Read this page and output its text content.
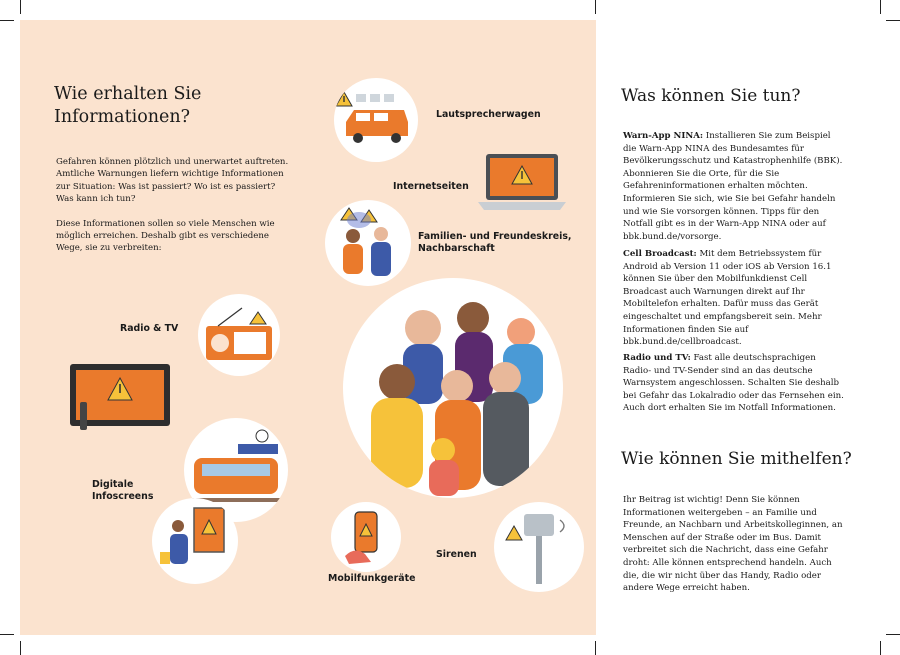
Wie erhalten Sie
Informationen?

Gefahren können plötzlich und unerwartet auftreten. Amtliche Warnungen liefern wichtige Informationen zur Situation: Was ist passiert? Wo ist es passiert? Was kann ich tun?

Diese Informationen sollen so viele Menschen wie möglich erreichen. Deshalb gibt es verschiedene Wege, sie zu verbreiten:

Lautsprecherwagen
Internetseiten
Familien- und Freundeskreis,
Nachbarschaft
Radio & TV
Digitale
Infoscreens
Mobilfunkgeräte
Sirenen
Was können Sie tun?

Warn-App NINA: Installieren Sie zum Beispiel die Warn-App NINA des Bundesamtes für Bevölkerungsschutz und Katastrophenhilfe (BBK). Abonnieren Sie die Orte, für die Sie Gefahreninformationen erhalten möchten. Informieren Sie sich, wie Sie bei Gefahr handeln und wie Sie vorsorgen können. Tipps für den Notfall gibt es in der Warn-App NINA oder auf bbk.bund.de/vorsorge.

Cell Broadcast: Mit dem Betriebssystem für Android ab Version 11 oder iOS ab Version 16.1 können Sie über den Mobilfunkdienst Cell Broadcast auch Warnungen direkt auf Ihr Mobiltelefon erhalten. Dafür muss das Gerät eingeschaltet und empfangsbereit sein. Mehr Informationen finden Sie auf bbk.bund.de/cellbroadcast.

Radio und TV: Fast alle deutschsprachigen Radio- und TV-Sender sind an das deutsche Warnsystem angeschlossen. Schalten Sie deshalb bei Gefahr das Lokalradio oder das Fernsehen ein. Auch dort erhalten Sie im Notfall Informationen.

Wie können Sie mithelfen?

Ihr Beitrag ist wichtig! Denn Sie können Informationen weitergeben – an Familie und Freunde, an Nachbarn und Arbeitskolleginnen, an Menschen auf der Straße oder im Bus. Damit verbreitet sich die Nachricht, dass eine Gefahr droht: Alle können entsprechend handeln. Auch die, die wir nicht über das Handy, Radio oder andere Wege erreicht haben.
